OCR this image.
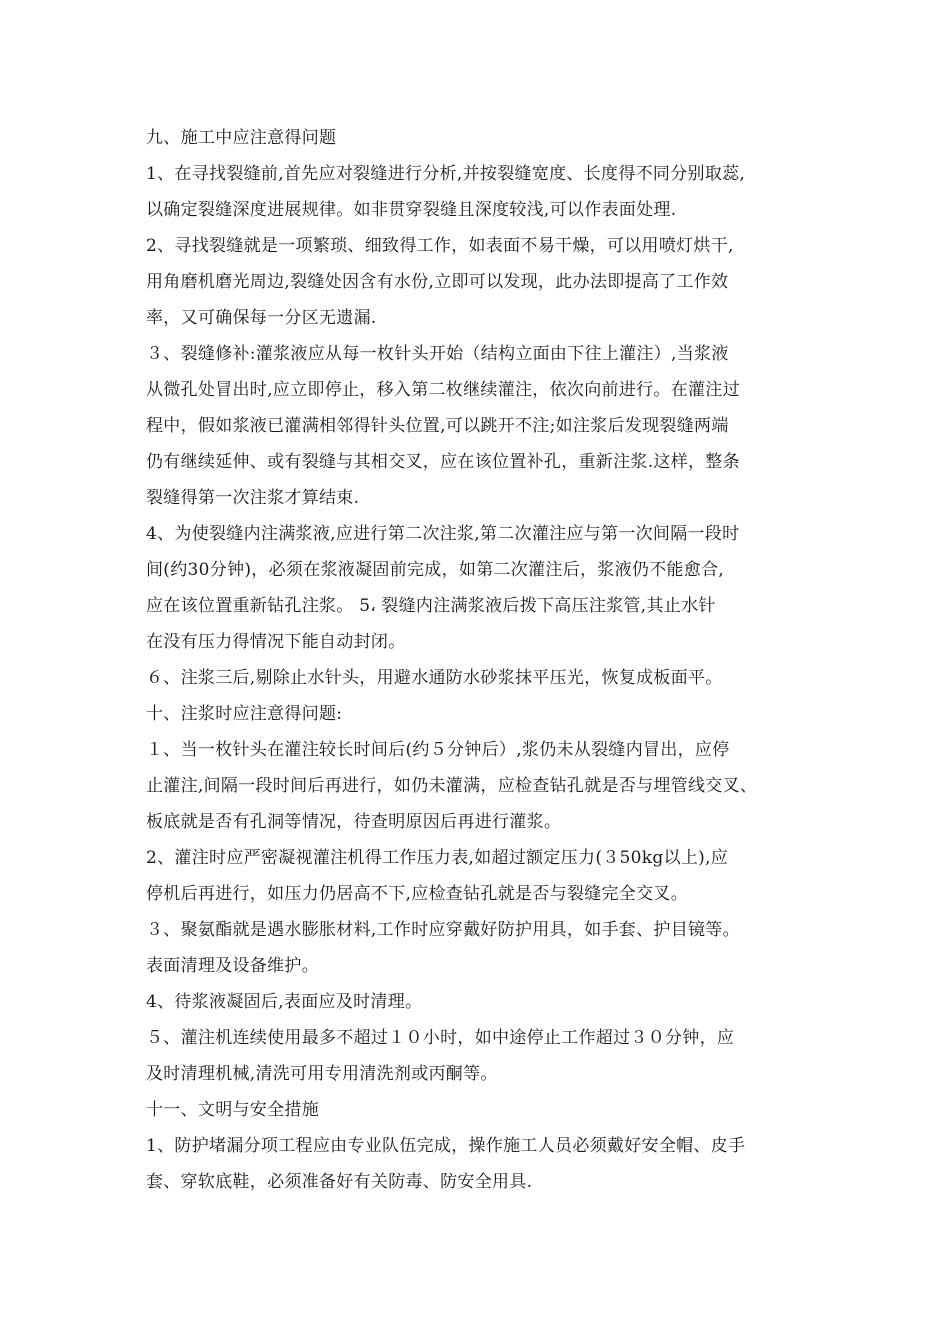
九、施工中应注意得问题
1、在寻找裂缝前,首先应对裂缝进行分析,并按裂缝宽度、长度得不同分别取蕊,
以确定裂缝深度进展规律。如非贯穿裂缝且深度较浅,可以作表面处理.
2、寻找裂缝就是一项繁琐、细致得工作，如表面不易干燥，可以用喷灯烘干,
用角磨机磨光周边,裂缝处因含有水份,立即可以发现，此办法即提高了工作效
率，又可确保每一分区无遗漏.
３、裂缝修补:灌浆液应从每一枚针头开始（结构立面由下往上灌注）,当浆液
从微孔处冒出时,应立即停止，移入第二枚继续灌注，依次向前进行。在灌注过
程中，假如浆液已灌满相邻得针头位置,可以跳开不注;如注浆后发现裂缝两端
仍有继续延伸、或有裂缝与其相交叉，应在该位置补孔，重新注浆.这样，整条
裂缝得第一次注浆才算结束.
4、为使裂缝内注满浆液,应进行第二次注浆,第二次灌注应与第一次间隔一段时
间(约30分钟)，必须在浆液凝固前完成，如第二次灌注后，浆液仍不能愈合,
应在该位置重新钻孔注浆。 5، 裂缝内注满浆液后拨下高压注浆管,其止水针
在没有压力得情况下能自动封闭。
６、注浆三后,剔除止水针头，用避水通防水砂浆抹平压光，恢复成板面平。
十、注浆时应注意得问题:
１、当一枚针头在灌注较长时间后(约５分钟后）,浆仍未从裂缝内冒出，应停
止灌注,间隔一段时间后再进行，如仍未灌满，应检查钻孔就是否与埋管线交叉、
板底就是否有孔洞等情况，待查明原因后再进行灌浆。
2、灌注时应严密凝视灌注机得工作压力表,如超过额定压力(３50kg以上),应
停机后再进行，如压力仍居高不下,应检查钻孔就是否与裂缝完全交叉。
３、聚氨酯就是遇水膨胀材料,工作时应穿戴好防护用具，如手套、护目镜等。
表面清理及设备维护。
4、待浆液凝固后,表面应及时清理。
５、灌注机连续使用最多不超过１０小时，如中途停止工作超过３０分钟，应
及时清理机械,清洗可用专用清洗剂或丙酮等。
十一、文明与安全措施
1、防护堵漏分项工程应由专业队伍完成，操作施工人员必须戴好安全帽、皮手
套、穿软底鞋，必须准备好有关防毒、防安全用具.
